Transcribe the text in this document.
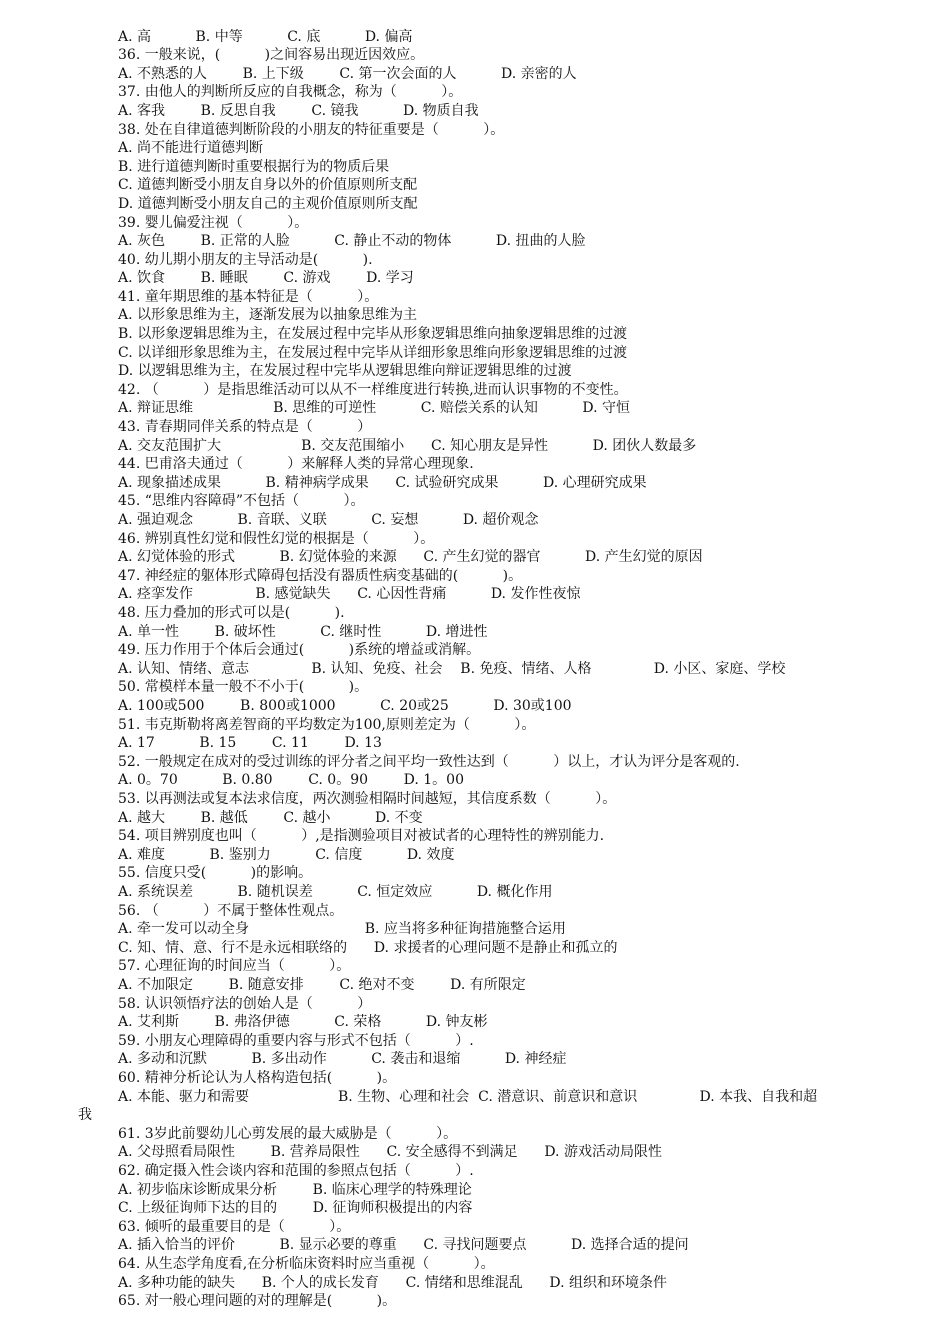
A. 高          B. 中等          C. 底          D. 偏高
36. 一般来说，(          )之间容易出现近因效应。
A. 不熟悉的人        B. 上下级        C. 第一次会面的人          D. 亲密的人
37. 由他人的判断所反应的自我概念，称为（          ）。
A. 客我        B. 反思自我        C. 镜我          D. 物质自我
38. 处在自律道德判断阶段的小朋友的特征重要是（          ）。
A. 尚不能进行道德判断
B. 进行道德判断时重要根据行为的物质后果
C. 道德判断受小朋友自身以外的价值原则所支配
D. 道德判断受小朋友自己的主观价值原则所支配
39. 婴儿偏爱注视（          ）。
A. 灰色        B. 正常的人脸          C. 静止不动的物体          D. 扭曲的人脸
40. 幼儿期小朋友的主导活动是(          ).
A. 饮食        B. 睡眠        C. 游戏        D. 学习
41. 童年期思维的基本特征是（          ）。
A. 以形象思维为主，逐渐发展为以抽象思维为主
B. 以形象逻辑思维为主，在发展过程中完毕从形象逻辑思维向抽象逻辑思维的过渡
C. 以详细形象思维为主，在发展过程中完毕从详细形象思维向形象逻辑思维的过渡
D. 以逻辑思维为主，在发展过程中完毕从逻辑思维向辩证逻辑思维的过渡
42. （          ）是指思维活动可以从不一样维度进行转换,进而认识事物的不变性。
A. 辩证思维                  B. 思维的可逆性          C. 赔偿关系的认知          D. 守恒
43. 青春期同伴关系的特点是（          ）
A. 交友范围扩大                  B. 交友范围缩小      C. 知心朋友是异性          D. 团伙人数最多
44. 巴甫洛夫通过（          ）来解释人类的异常心理现象.
A. 现象描述成果          B. 精神病学成果      C. 试验研究成果          D. 心理研究成果
45. “思维内容障碍”不包括（          ）。
A. 强迫观念          B. 音联、义联          C. 妄想          D. 超价观念
46. 辨别真性幻觉和假性幻觉的根据是（          ）。
A. 幻觉体验的形式          B. 幻觉体验的来源      C. 产生幻觉的器官          D. 产生幻觉的原因
47. 神经症的躯体形式障碍包括没有器质性病变基础的(          )。
A. 痉挛发作              B. 感觉缺失      C. 心因性背痛          D. 发作性夜惊
48. 压力叠加的形式可以是(          ).
A. 单一性        B. 破坏性          C. 继时性          D. 增进性
49. 压力作用于个体后会通过(          )系统的增益或消解。
A. 认知、情绪、意志              B. 认知、免疫、社会    B. 免疫、情绪、人格              D. 小区、家庭、学校
50. 常模样本量一般不不小于(          )。
A. 100或500        B. 800或1000          C. 20或25          D. 30或100
51. 韦克斯勒将离差智商的平均数定为100,原则差定为（          ）。
A. 17          B. 15        C. 11        D. 13
52. 一般规定在成对的受过训练的评分者之间平均一致性达到（          ）以上，才认为评分是客观的.
A. 0。70          B. 0.80        C. 0。90        D. 1。00
53. 以再测法或复本法求信度，两次测验相隔时间越短，其信度系数（          ）。
A. 越大        B. 越低        C. 越小          D. 不变
54. 项目辨别度也叫（          ）,是指测验项目对被试者的心理特性的辨别能力.
A. 难度          B. 鉴别力          C. 信度          D. 效度
55. 信度只受(          )的影响。
A. 系统误差          B. 随机误差          C. 恒定效应          D. 概化作用
56. （          ）不属于整体性观点。
A. 牵一发可以动全身                          B. 应当将多种征询措施整合运用
C. 知、情、意、行不是永远相联络的      D. 求援者的心理问题不是静止和孤立的
57. 心理征询的时间应当（          ）。
A. 不加限定        B. 随意安排        C. 绝对不变        D. 有所限定
58. 认识领悟疗法的创始人是（          ）
A. 艾利斯        B. 弗洛伊德          C. 荣格          D. 钟友彬
59. 小朋友心理障碍的重要内容与形式不包括（          ）.
A. 多动和沉默          B. 多出动作          C. 袭击和退缩          D. 神经症
60. 精神分析论认为人格构造包括(          )。
A. 本能、驱力和需要                    B. 生物、心理和社会  C. 潜意识、前意识和意识              D. 本我、自我和超
我
61. 3岁此前婴幼儿心剪发展的最大威胁是（          ）。
A. 父母照看局限性        B. 营养局限性      C. 安全感得不到满足      D. 游戏活动局限性
62. 确定摄入性会谈内容和范围的参照点包括（          ）.
A. 初步临床诊断成果分析        B. 临床心理学的特殊理论
C. 上级征询师下达的目的        D. 征询师积极提出的内容
63. 倾听的最重要目的是（          ）。
A. 插入恰当的评价          B. 显示必要的尊重      C. 寻找问题要点          D. 选择合适的提问
64. 从生态学角度看,在分析临床资料时应当重视（          ）。
A. 多种功能的缺失      B. 个人的成长发育      C. 情绪和思维混乱      D. 组织和环境条件
65. 对一般心理问题的对的理解是(          )。
